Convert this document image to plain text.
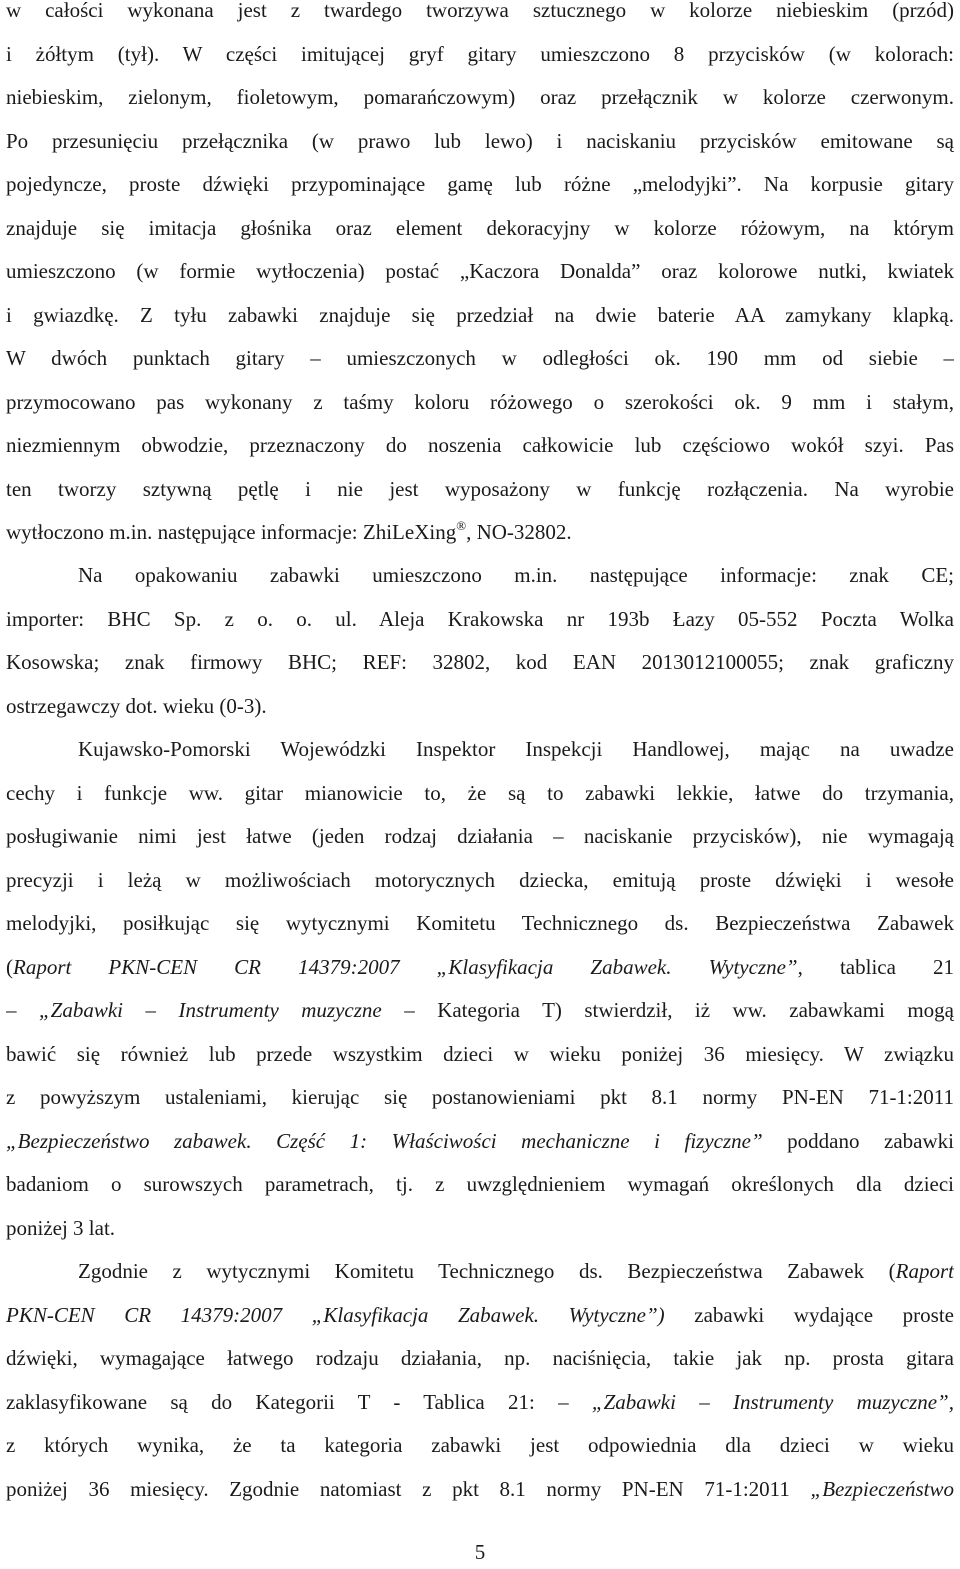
w całości wykonana jest z twardego tworzywa sztucznego w kolorze niebieskim (przód)
i żółtym (tył). W części imitującej gryf gitary umieszczono 8 przycisków (w kolorach:
niebieskim, zielonym, fioletowym, pomarańczowym) oraz przełącznik w kolorze czerwonym.
Po przesunięciu przełącznika (w prawo lub lewo) i naciskaniu przycisków emitowane są
pojedyncze, proste dźwięki przypominające gamę lub różne „melodyjki”. Na korpusie gitary
znajduje się imitacja głośnika oraz element dekoracyjny w kolorze różowym, na którym
umieszczono (w formie wytłoczenia) postać „Kaczora Donalda” oraz kolorowe nutki, kwiatek
i gwiazdkę. Z tyłu zabawki znajduje się przedział na dwie baterie AA zamykany klapką.
W dwóch punktach gitary – umieszczonych w odległości ok. 190 mm od siebie –
przymocowano pas wykonany z taśmy koloru różowego o szerokości ok. 9 mm i stałym,
niezmiennym obwodzie, przeznaczony do noszenia całkowicie lub częściowo wokół szyi. Pas
ten tworzy sztywną pętlę i nie jest wyposażony w funkcję rozłączenia. Na wyrobie
wytłoczono m.in. następujące informacje: ZhiLeXing®, NO-32802.
Na opakowaniu zabawki umieszczono m.in. następujące informacje: znak CE;
importer: BHC Sp. z o. o. ul. Aleja Krakowska nr 193b Łazy 05-552 Poczta Wolka
Kosowska; znak firmowy BHC; REF: 32802, kod EAN 2013012100055; znak graficzny
ostrzegawczy dot. wieku (0-3).
Kujawsko-Pomorski Wojewódzki Inspektor Inspekcji Handlowej, mając na uwadze
cechy i funkcje ww. gitar mianowicie to, że są to zabawki lekkie, łatwe do trzymania,
posługiwanie nimi jest łatwe (jeden rodzaj działania – naciskanie przycisków), nie wymagają
precyzji i leżą w możliwościach motorycznych dziecka, emitują proste dźwięki i wesołe
melodyjki, posiłkując się wytycznymi Komitetu Technicznego ds. Bezpieczeństwa Zabawek
(Raport PKN-CEN CR 14379:2007 „Klasyfikacja Zabawek. Wytyczne”, tablica 21
– „Zabawki – Instrumenty muzyczne – Kategoria T) stwierdził, iż ww. zabawkami mogą
bawić się również lub przede wszystkim dzieci w wieku poniżej 36 miesięcy. W związku
z powyższym ustaleniami, kierując się postanowieniami pkt 8.1 normy PN-EN 71-1:2011
„Bezpieczeństwo zabawek. Część 1: Właściwości mechaniczne i fizyczne” poddano zabawki
badaniom o surowszych parametrach, tj. z uwzględnieniem wymagań określonych dla dzieci
poniżej 3 lat.
Zgodnie z wytycznymi Komitetu Technicznego ds. Bezpieczeństwa Zabawek (Raport
PKN-CEN CR 14379:2007 „Klasyfikacja Zabawek. Wytyczne”) zabawki wydające proste
dźwięki, wymagające łatwego rodzaju działania, np. naciśnięcia, takie jak np. prosta gitara
zaklasyfikowane są do Kategorii T - Tablica 21: – „Zabawki – Instrumenty muzyczne”,
z których wynika, że ta kategoria zabawki jest odpowiednia dla dzieci w wieku
poniżej 36 miesięcy. Zgodnie natomiast z pkt 8.1 normy PN-EN 71-1:2011 „Bezpieczeństwo
5
